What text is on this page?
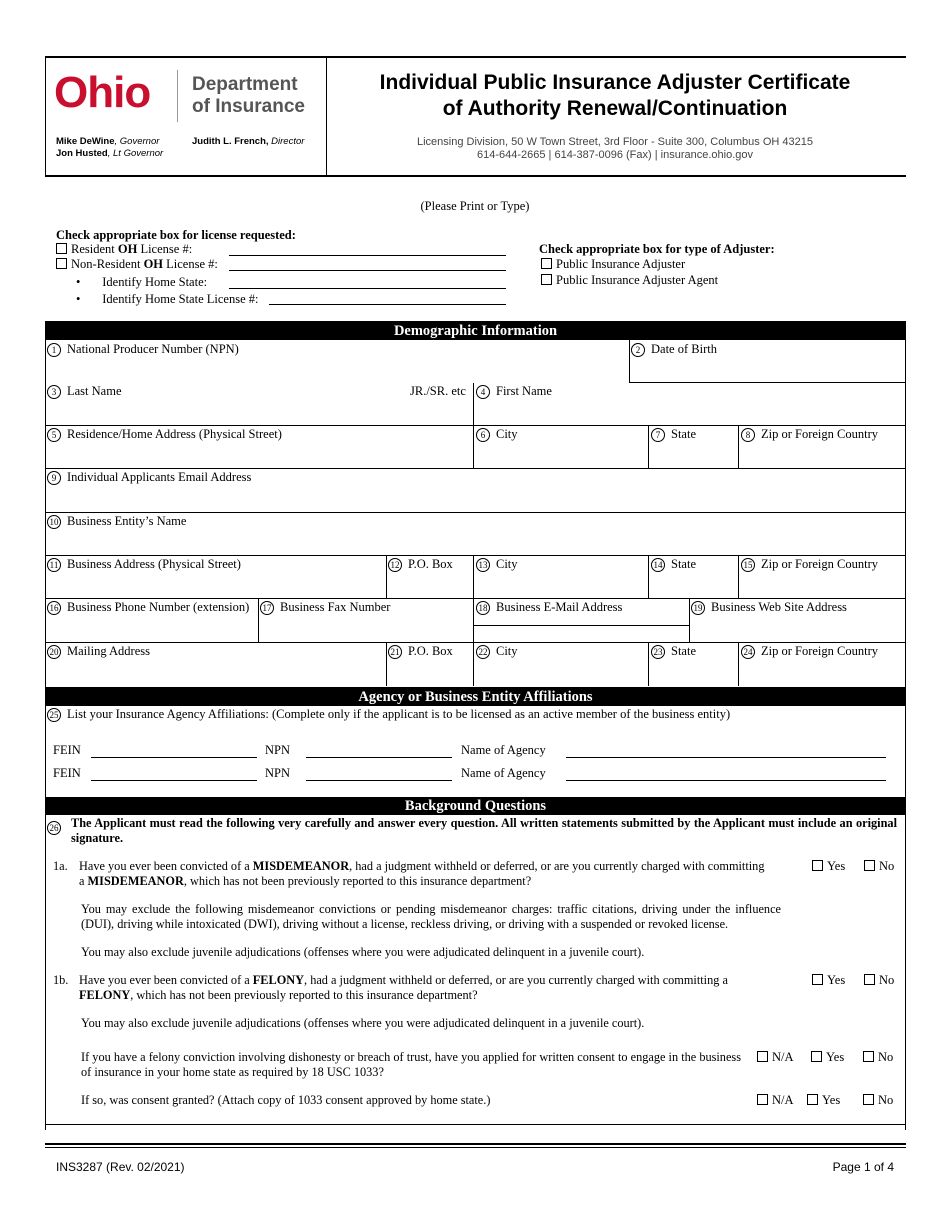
Ohio Department
of Insurance
Mike DeWine, Governor
Jon Husted, Lt Governor
Judith L. French, Director
Individual Public Insurance Adjuster Certificate
of Authority Renewal/Continuation
Licensing Division, 50 W Town Street, 3rd Floor - Suite 300, Columbus OH 43215
614-644-2665 | 614-387-0096 (Fax) | insurance.ohio.gov
(Please Print or Type)
Check appropriate box for license requested:
Resident OH License #:
Non-Resident OH License #:
•       Identify Home State:
•       Identify Home State License #:
Check appropriate box for type of Adjuster:
Public Insurance Adjuster
Public Insurance Adjuster Agent
Demographic Information
1 National Producer Number (NPN)	2 Date of Birth
3 Last Name	JR./SR. etc	4 First Name
5 Residence/Home Address (Physical Street)	6 City	7 State	8 Zip or Foreign Country
9 Individual Applicants Email Address
10 Business Entity’s Name
11 Business Address (Physical Street)	12 P.O. Box	13 City	14 State	15 Zip or Foreign Country
16 Business Phone Number (extension) 17 Business Fax Number	18 Business E-Mail Address	19 Business Web Site Address
20 Mailing Address	21 P.O. Box	22 City	23 State	24 Zip or Foreign Country
Agency or Business Entity Affiliations
25 List your Insurance Agency Affiliations: (Complete only if the applicant is to be licensed as an active member of the business entity)
FEIN	NPN	Name of Agency
FEIN	NPN	Name of Agency
Background Questions
26	The Applicant must read the following very carefully and answer every question. All written statements submitted by the Applicant must include an original signature.
1a. Have you ever been convicted of a MISDEMEANOR, had a judgment withheld or deferred, or are you currently charged with committing
a MISDEMEANOR, which has not been previously reported to this insurance department?
Yes	No
You may exclude the following misdemeanor convictions or pending misdemeanor charges: traffic citations, driving under the influence (DUI), driving while intoxicated (DWI), driving without a license, reckless driving, or driving with a suspended or revoked license.
You may also exclude juvenile adjudications (offenses where you were adjudicated delinquent in a juvenile court).
1b. Have you ever been convicted of a FELONY, had a judgment withheld or deferred, or are you currently charged with committing a
FELONY, which has not been previously reported to this insurance department?
Yes	No
You may also exclude juvenile adjudications (offenses where you were adjudicated delinquent in a juvenile court).
If you have a felony conviction involving dishonesty or breach of trust, have you applied for written consent to engage in the business of insurance in your home state as required by 18 USC 1033?
N/A	Yes	No
If so, was consent granted? (Attach copy of 1033 consent approved by home state.)	N/A	Yes	No
INS3287 (Rev. 02/2021)	Page 1 of 4
